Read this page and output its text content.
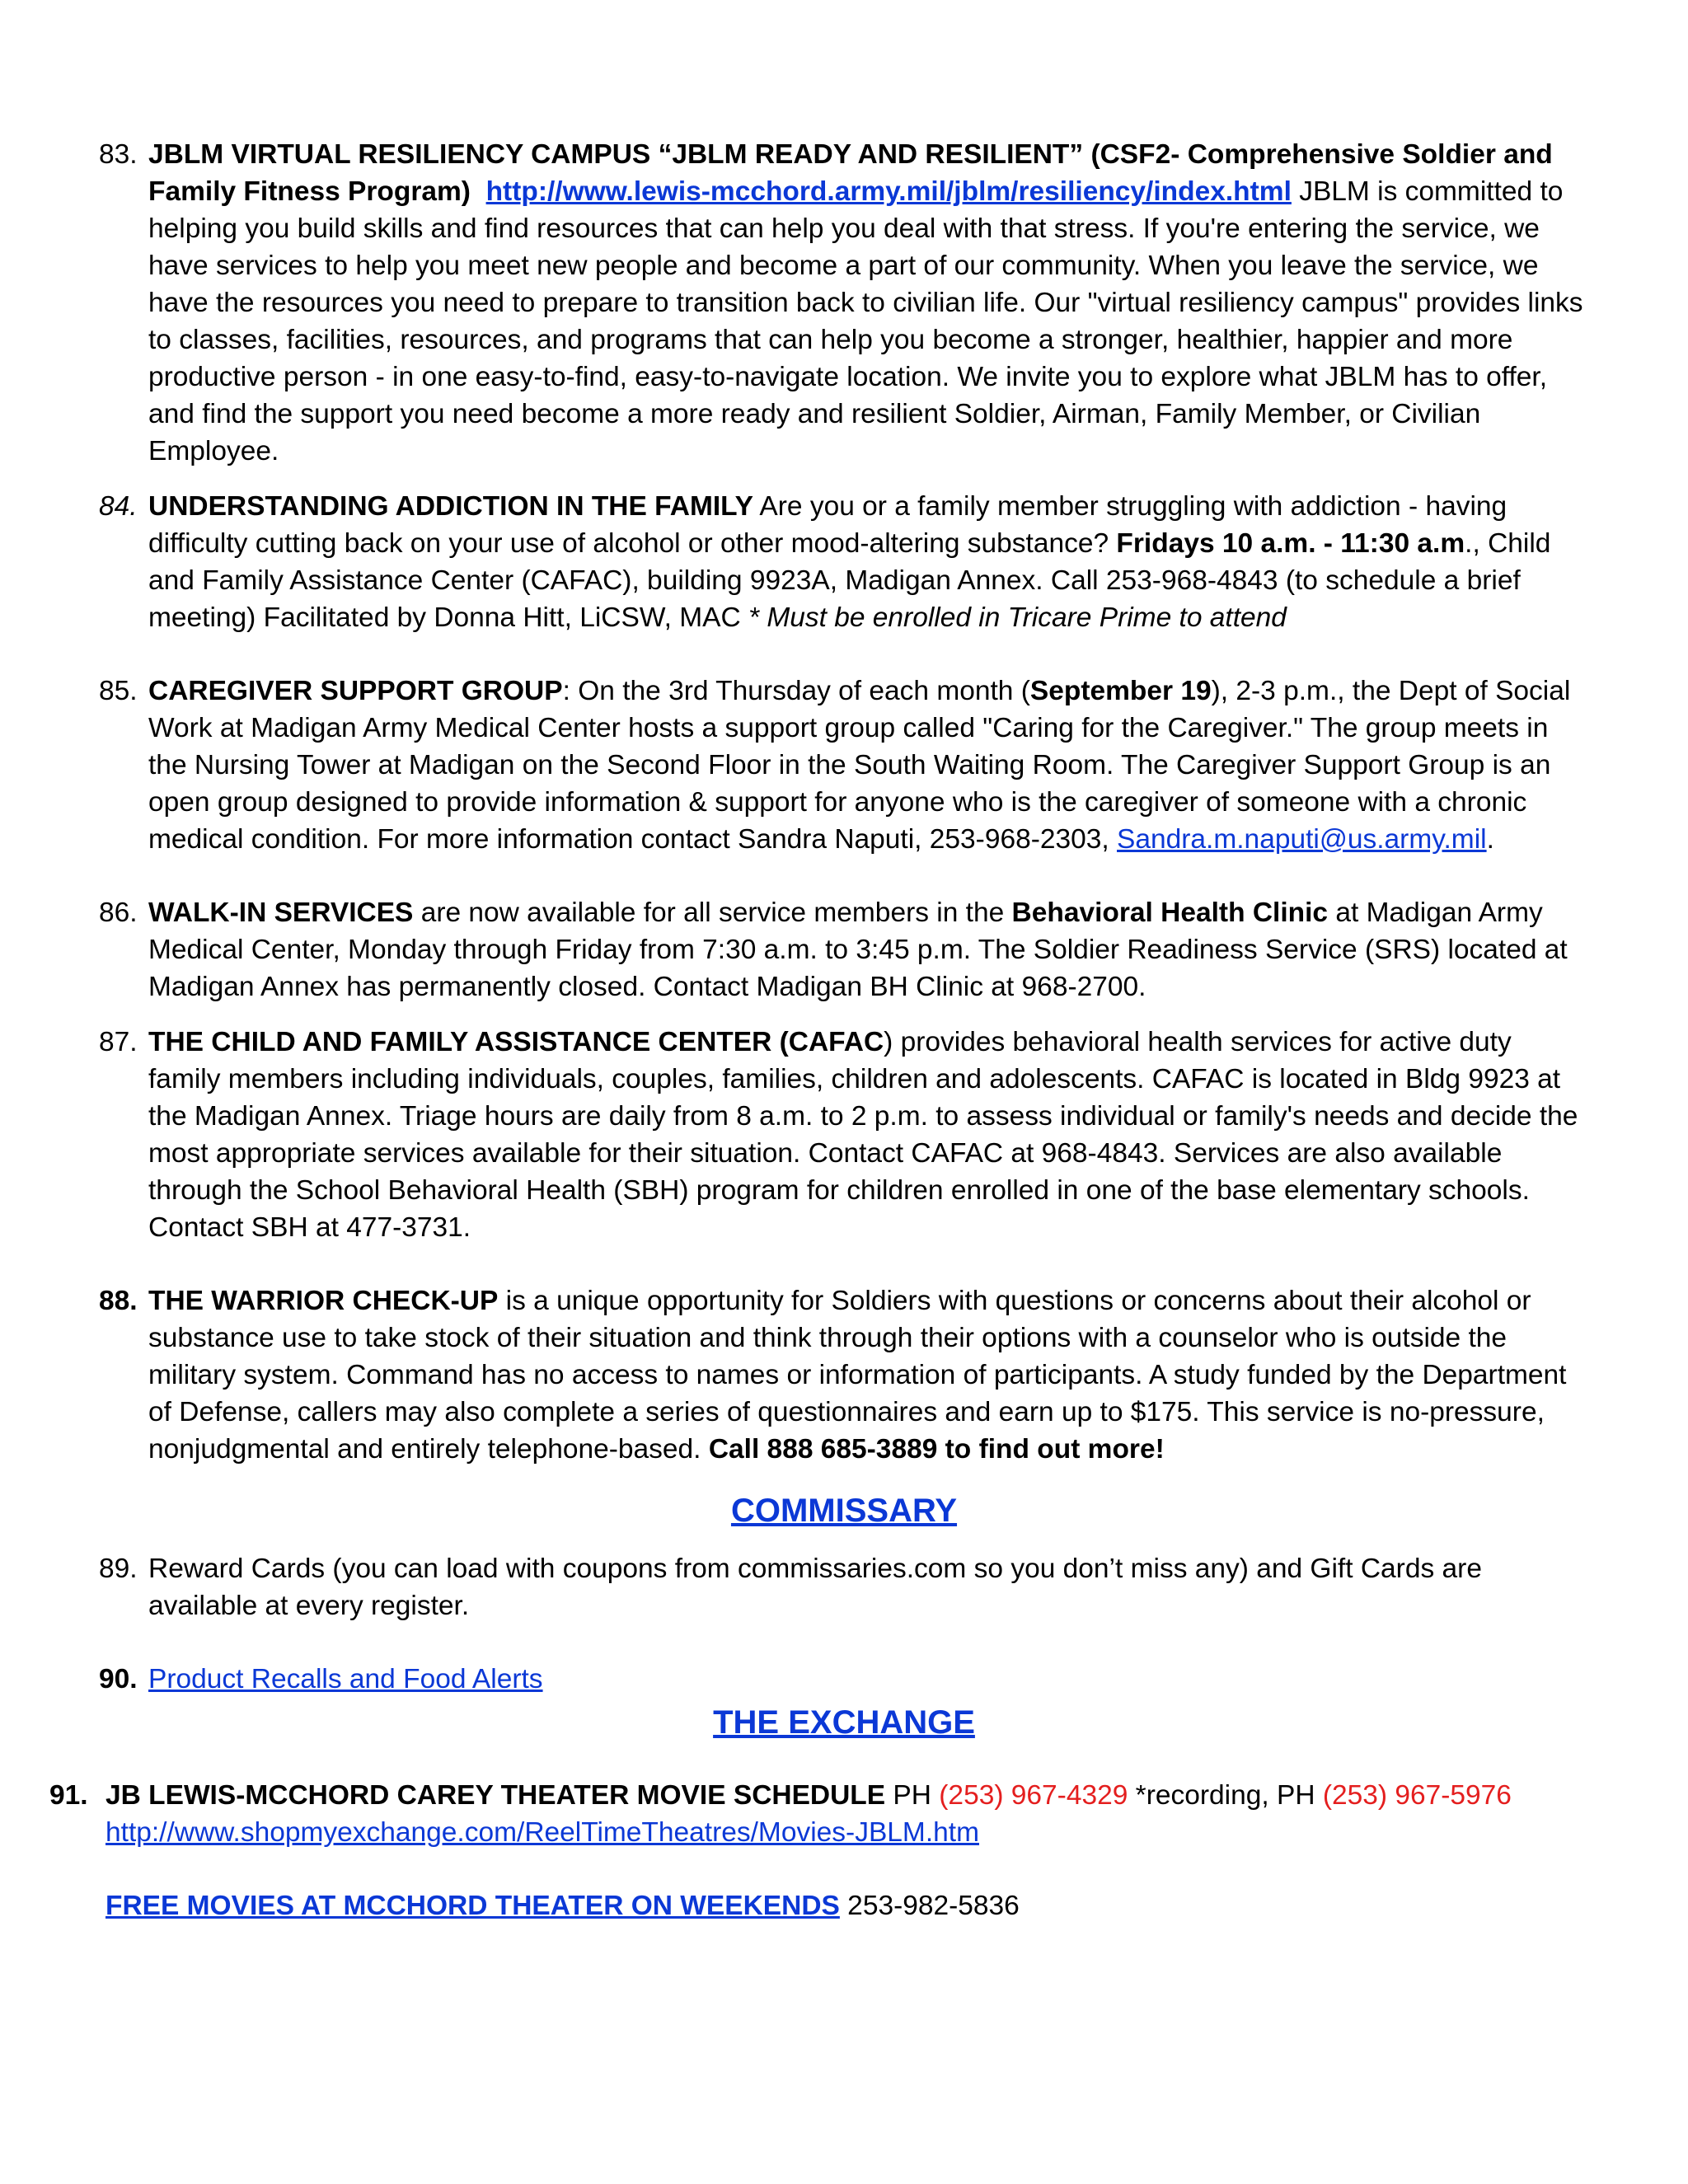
83. JBLM VIRTUAL RESILIENCY CAMPUS “JBLM READY AND RESILIENT” (CSF2- Comprehensive Soldier and Family Fitness Program) http://www.lewis-mcchord.army.mil/jblm/resiliency/index.html JBLM is committed to helping you build skills and find resources that can help you deal with that stress. If you're entering the service, we have services to help you meet new people and become a part of our community. When you leave the service, we have the resources you need to prepare to transition back to civilian life. Our "virtual resiliency campus" provides links to classes, facilities, resources, and programs that can help you become a stronger, healthier, happier and more productive person - in one easy-to-find, easy-to-navigate location. We invite you to explore what JBLM has to offer, and find the support you need become a more ready and resilient Soldier, Airman, Family Member, or Civilian Employee.
84. UNDERSTANDING ADDICTION IN THE FAMILY Are you or a family member struggling with addiction - having difficulty cutting back on your use of alcohol or other mood-altering substance? Fridays 10 a.m. - 11:30 a.m., Child and Family Assistance Center (CAFAC), building 9923A, Madigan Annex. Call 253-968-4843 (to schedule a brief meeting) Facilitated by Donna Hitt, LiCSW, MAC * Must be enrolled in Tricare Prime to attend
85. CAREGIVER SUPPORT GROUP: On the 3rd Thursday of each month (September 19), 2-3 p.m., the Dept of Social Work at Madigan Army Medical Center hosts a support group called "Caring for the Caregiver." The group meets in the Nursing Tower at Madigan on the Second Floor in the South Waiting Room. The Caregiver Support Group is an open group designed to provide information & support for anyone who is the caregiver of someone with a chronic medical condition. For more information contact Sandra Naputi, 253-968-2303, Sandra.m.naputi@us.army.mil.
86. WALK-IN SERVICES are now available for all service members in the Behavioral Health Clinic at Madigan Army Medical Center, Monday through Friday from 7:30 a.m. to 3:45 p.m. The Soldier Readiness Service (SRS) located at Madigan Annex has permanently closed. Contact Madigan BH Clinic at 968-2700.
87. THE CHILD AND FAMILY ASSISTANCE CENTER (CAFAC) provides behavioral health services for active duty family members including individuals, couples, families, children and adolescents. CAFAC is located in Bldg 9923 at the Madigan Annex. Triage hours are daily from 8 a.m. to 2 p.m. to assess individual or family's needs and decide the most appropriate services available for their situation. Contact CAFAC at 968-4843. Services are also available through the School Behavioral Health (SBH) program for children enrolled in one of the base elementary schools. Contact SBH at 477-3731.
88. THE WARRIOR CHECK-UP is a unique opportunity for Soldiers with questions or concerns about their alcohol or substance use to take stock of their situation and think through their options with a counselor who is outside the military system. Command has no access to names or information of participants. A study funded by the Department of Defense, callers may also complete a series of questionnaires and earn up to $175. This service is no-pressure, nonjudgmental and entirely telephone-based. Call 888 685-3889 to find out more!
COMMISSARY
89. Reward Cards (you can load with coupons from commissaries.com so you don’t miss any) and Gift Cards are available at every register.
90. Product Recalls and Food Alerts
THE EXCHANGE
91. JB LEWIS-MCCHORD CAREY THEATER MOVIE SCHEDULE PH (253) 967-4329 *recording, PH (253) 967-5976
http://www.shopmyexchange.com/ReelTimeTheatres/Movies-JBLM.htm
FREE MOVIES AT MCCHORD THEATER ON WEEKENDS 253-982-5836
